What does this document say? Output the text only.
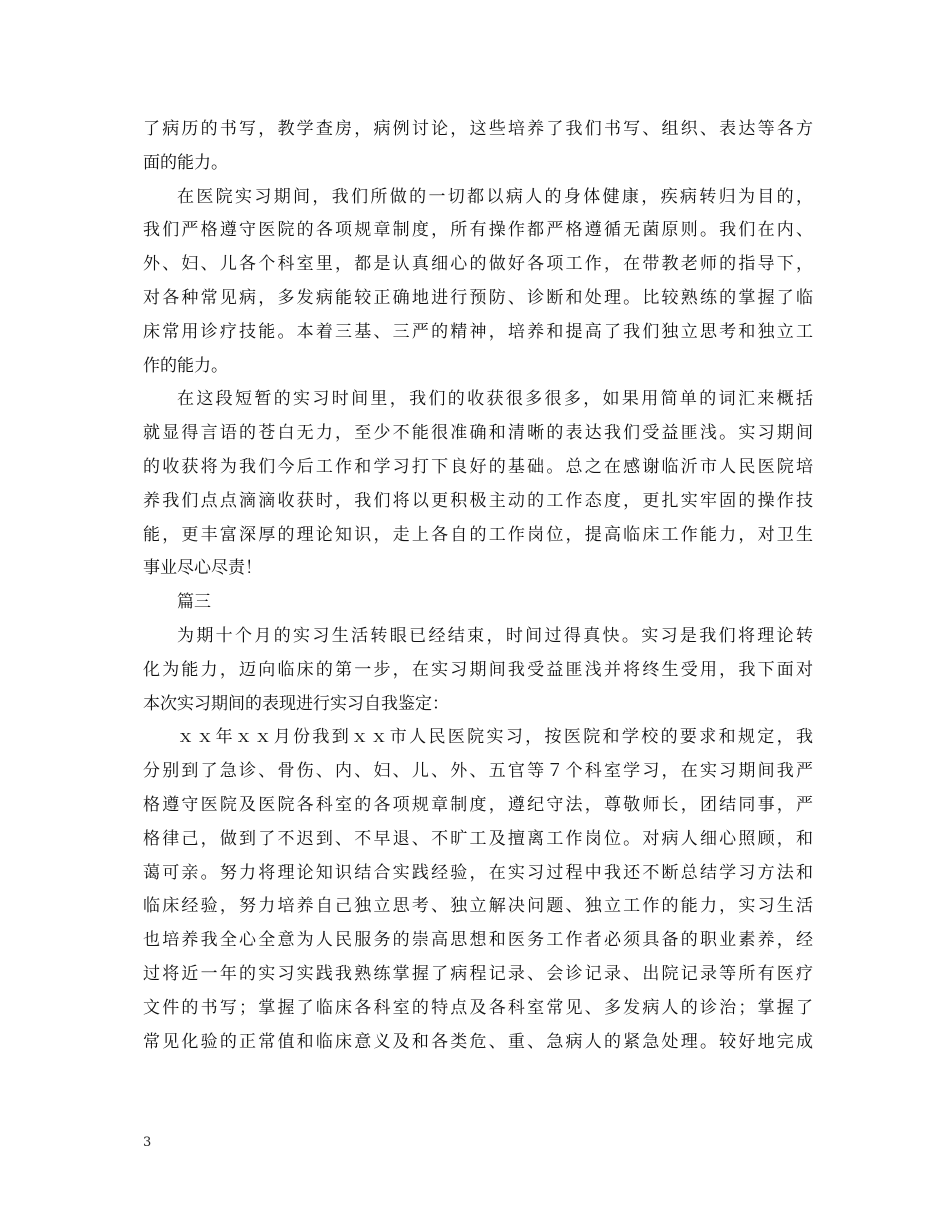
了病历的书写，教学查房，病例讨论，这些培养了我们书写、组织、表达等各方
面的能力。
在医院实习期间，我们所做的一切都以病人的身体健康，疾病转归为目的，
我们严格遵守医院的各项规章制度，所有操作都严格遵循无菌原则。我们在内、
外、妇、儿各个科室里，都是认真细心的做好各项工作，在带教老师的指导下，
对各种常见病，多发病能较正确地进行预防、诊断和处理。比较熟练的掌握了临
床常用诊疗技能。本着三基、三严的精神，培养和提高了我们独立思考和独立工
作的能力。
在这段短暂的实习时间里，我们的收获很多很多，如果用简单的词汇来概括
就显得言语的苍白无力，至少不能很准确和清晰的表达我们受益匪浅。实习期间
的收获将为我们今后工作和学习打下良好的基础。总之在感谢临沂市人民医院培
养我们点点滴滴收获时，我们将以更积极主动的工作态度，更扎实牢固的操作技
能，更丰富深厚的理论知识，走上各自的工作岗位，提高临床工作能力，对卫生
事业尽心尽责！
篇三
为期十个月的实习生活转眼已经结束，时间过得真快。实习是我们将理论转
化为能力，迈向临床的第一步，在实习期间我受益匪浅并将终生受用，我下面对
本次实习期间的表现进行实习自我鉴定：
ｘｘ年ｘｘ月份我到ｘｘ市人民医院实习，按医院和学校的要求和规定，我
分别到了急诊、骨伤、内、妇、儿、外、五官等７个科室学习，在实习期间我严
格遵守医院及医院各科室的各项规章制度，遵纪守法，尊敬师长，团结同事，严
格律己，做到了不迟到、不早退、不旷工及擅离工作岗位。对病人细心照顾，和
蔼可亲。努力将理论知识结合实践经验，在实习过程中我还不断总结学习方法和
临床经验，努力培养自己独立思考、独立解决问题、独立工作的能力，实习生活
也培养我全心全意为人民服务的崇高思想和医务工作者必须具备的职业素养，经
过将近一年的实习实践我熟练掌握了病程记录、会诊记录、出院记录等所有医疗
文件的书写；掌握了临床各科室的特点及各科室常见、多发病人的诊治；掌握了
常见化验的正常值和临床意义及和各类危、重、急病人的紧急处理。较好地完成
3
